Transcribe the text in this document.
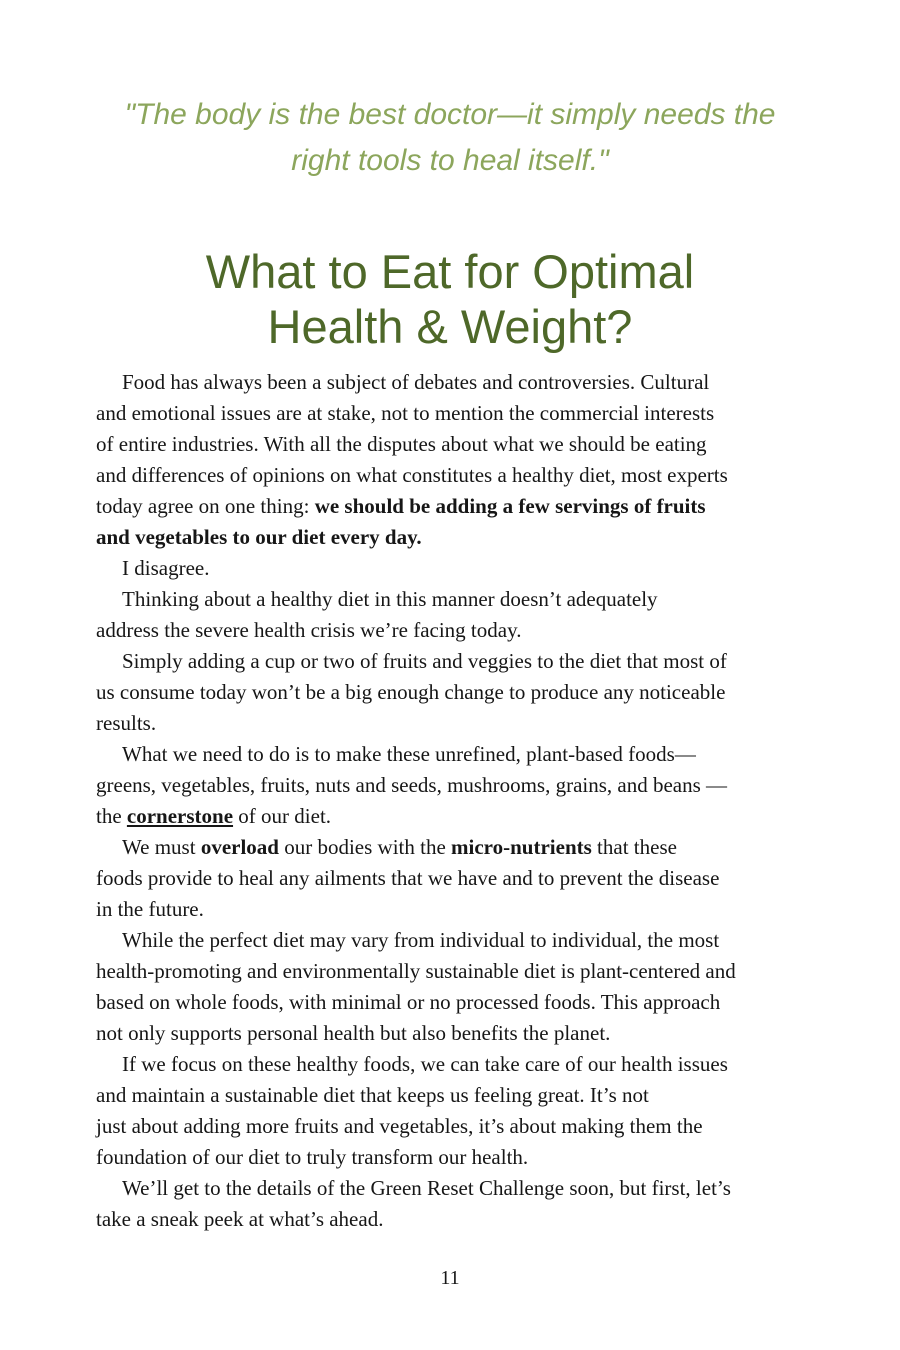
"The body is the best doctor—it simply needs the
right tools to heal itself."
What to Eat for Optimal
Health & Weight?

Food has always been a subject of debates and controversies. Cultural
and emotional issues are at stake, not to mention the commercial interests
of entire industries. With all the disputes about what we should be eating
and differences of opinions on what constitutes a healthy diet, most experts
today agree on one thing: we should be adding a few servings of fruits
and vegetables to our diet every day.

I disagree.

Thinking about a healthy diet in this manner doesn’t adequately
address the severe health crisis we’re facing today.

Simply adding a cup or two of fruits and veggies to the diet that most of
us consume today won’t be a big enough change to produce any noticeable
results.

What we need to do is to make these unrefined, plant-based foods—
greens, vegetables, fruits, nuts and seeds, mushrooms, grains, and beans —
the cornerstone of our diet.

We must overload our bodies with the micro-nutrients that these
foods provide to heal any ailments that we have and to prevent the disease
in the future.

While the perfect diet may vary from individual to individual, the most
health-promoting and environmentally sustainable diet is plant-centered and
based on whole foods, with minimal or no processed foods. This approach
not only supports personal health but also benefits the planet.

If we focus on these healthy foods, we can take care of our health issues
and maintain a sustainable diet that keeps us feeling great. It’s not
just about adding more fruits and vegetables, it’s about making them the
foundation of our diet to truly transform our health.

We’ll get to the details of the Green Reset Challenge soon, but first, let’s
take a sneak peek at what’s ahead.

11
